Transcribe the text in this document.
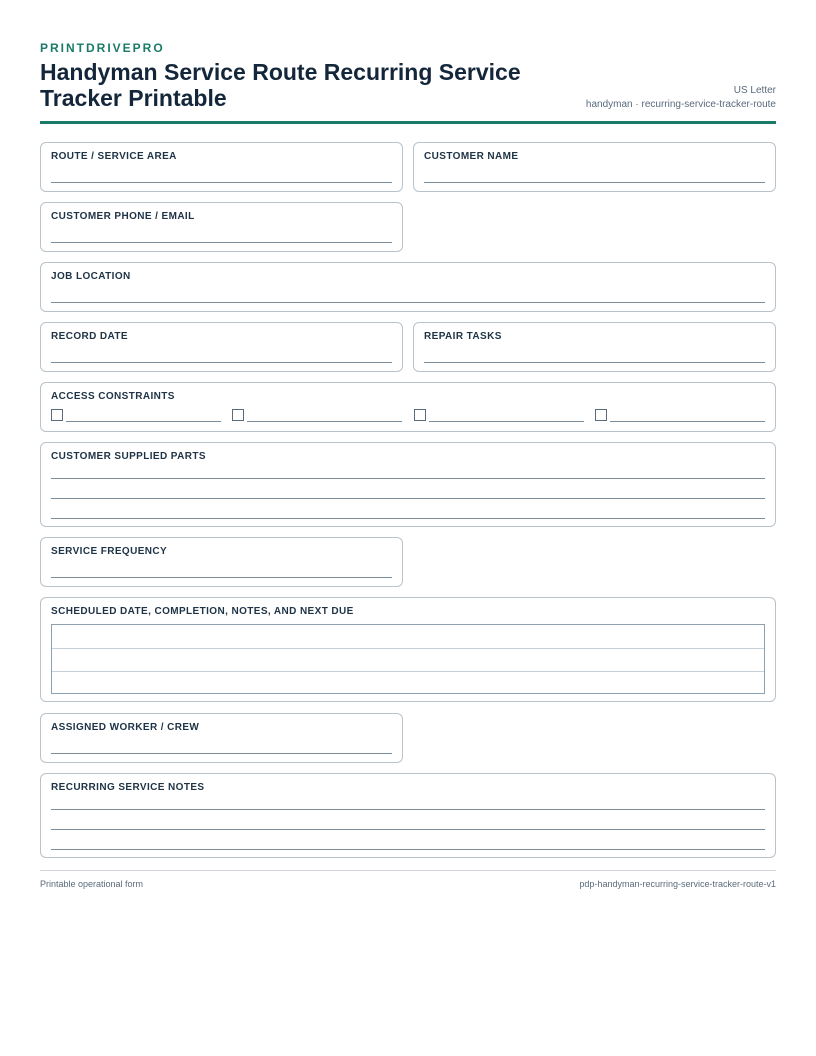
PRINTDRIVEPRO
Handyman Service Route Recurring Service Tracker Printable	US Letter
handyman · recurring-service-tracker-route
ROUTE / SERVICE AREA	CUSTOMER NAME
CUSTOMER PHONE / EMAIL
JOB LOCATION
RECORD DATE	REPAIR TASKS
ACCESS CONSTRAINTS
CUSTOMER SUPPLIED PARTS
SERVICE FREQUENCY
SCHEDULED DATE, COMPLETION, NOTES, AND NEXT DUE
ASSIGNED WORKER / CREW
RECURRING SERVICE NOTES
Printable operational form	pdp-handyman-recurring-service-tracker-route-v1
